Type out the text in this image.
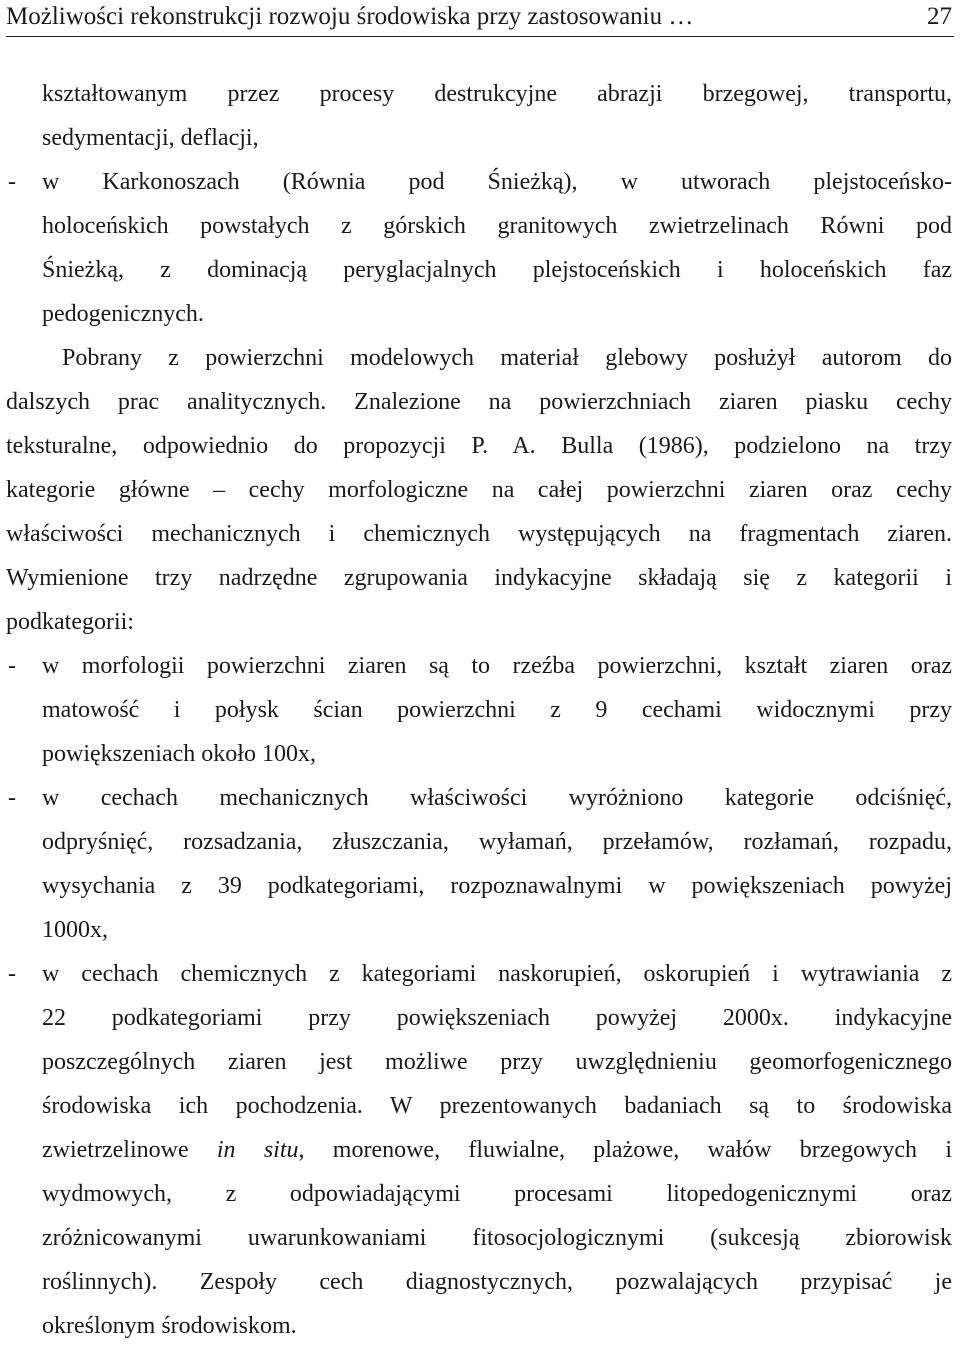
Możliwości rekonstrukcji rozwoju środowiska przy zastosowaniu …	27
kształtowanym przez procesy destrukcyjne abrazji brzegowej, transportu,
sedymentacji, deflacji,
-	w Karkonoszach (Równia pod Śnieżką), w utworach plejstoceńsko-
holoceńskich powstałych z górskich granitowych zwietrzelinach Równi pod
Śnieżką, z dominacją peryglacjalnych plejstoceńskich i holoceńskich faz
pedogenicznych.
Pobrany z powierzchni modelowych materiał glebowy posłużył autorom do
dalszych prac analitycznych. Znalezione na powierzchniach ziaren piasku cechy
teksturalne, odpowiednio do propozycji P. A. Bulla (1986), podzielono na trzy
kategorie główne – cechy morfologiczne na całej powierzchni ziaren oraz cechy
właściwości mechanicznych i chemicznych występujących na fragmentach ziaren.
Wymienione trzy nadrzędne zgrupowania indykacyjne składają się z kategorii i
podkategorii:
-	w morfologii powierzchni ziaren są to rzeźba powierzchni, kształt ziaren oraz
matowość i połysk ścian powierzchni z 9 cechami widocznymi przy
powiększeniach około 100x,
-	w cechach mechanicznych właściwości wyróżniono kategorie odciśnięć,
odpryśnięć, rozsadzania, złuszczania, wyłamań, przełamów, rozłamań, rozpadu,
wysychania z 39 podkategoriami, rozpoznawalnymi w powiększeniach powyżej
1000x,
-	w cechach chemicznych z kategoriami naskorupień, oskorupień i wytrawiania z
22 podkategoriami przy powiększeniach powyżej 2000x. indykacyjne
poszczególnych ziaren jest możliwe przy uwzględnieniu geomorfogenicznego
środowiska ich pochodzenia. W prezentowanych badaniach są to środowiska
zwietrzelinowe in situ, morenowe, fluwialne, plażowe, wałów brzegowych i
wydmowych, z odpowiadającymi procesami litopedogenicznymi oraz
zróżnicowanymi uwarunkowaniami fitosocjologicznymi (sukcesją zbiorowisk
roślinnych). Zespoły cech diagnostycznych, pozwalających przypisać je
określonym środowiskom.
